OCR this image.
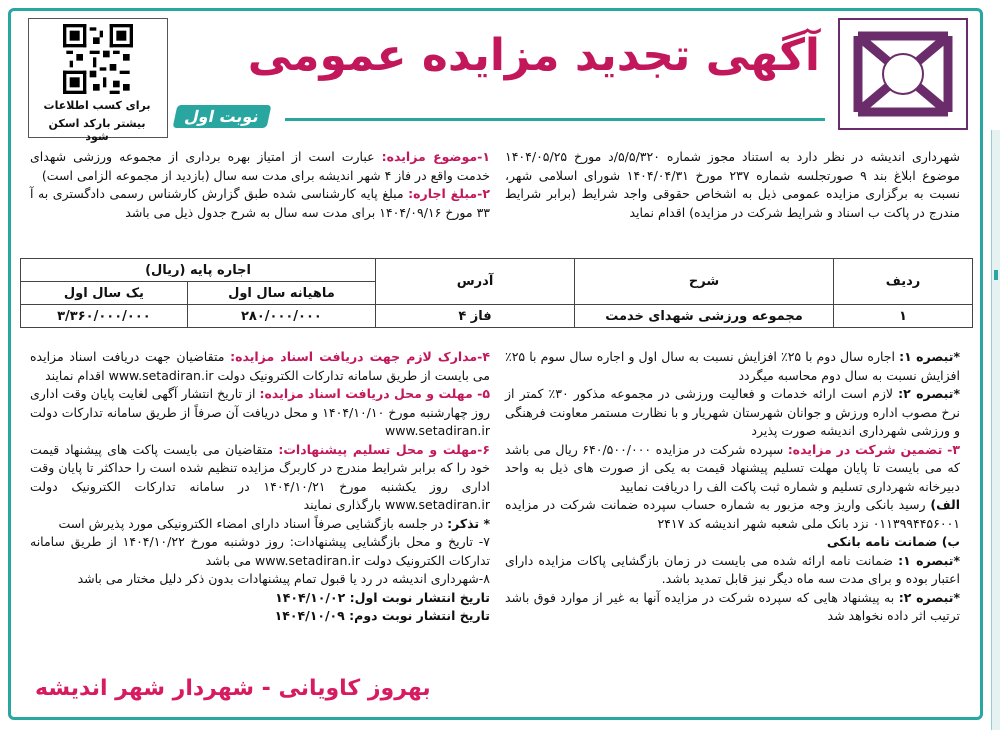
برای کسب اطلاعات
بیشتر بارکد اسکن شود
آگهی تجدید مزایده عمومی
نوبت اول

شهرداری اندیشه در نظر دارد به استناد مجوز شماره ۵/۵/۳۲۰/د مورخ ۱۴۰۴/۰۵/۲۵ موضوع ابلاغ بند ۹ صورتجلسه شماره ۲۳۷ مورخ ۱۴۰۴/۰۴/۳۱ شورای اسلامی شهر، نسبت به برگزاری مزایده عمومی ذیل به اشخاص حقوقی واجد شرایط (برابر شرایط مندرج در پاکت ب اسناد و شرایط شرکت در مزایده) اقدام نماید

۱-موضوع مزایده: عبارت است از امتیاز بهره برداری از مجموعه ورزشی شهدای خدمت واقع در فاز ۴ شهر اندیشه برای مدت سه سال (بازدید از مجموعه الزامی است)

۲-مبلغ اجاره: مبلغ پایه کارشناسی شده طبق گزارش کارشناس رسمی دادگستری به آ ۳۳ مورخ ۱۴۰۴/۰۹/۱۶ برای مدت سه سال به شرح جدول ذیل می باشد

ردیف	شرح	آدرس	اجاره پایه (ریال)	
			ماهیانه سال اول	یک سال اول
۱	مجموعه ورزشی شهدای خدمت	فاز ۴	۲۸۰/۰۰۰/۰۰۰	۳/۳۶۰/۰۰۰/۰۰۰

*تبصره ۱: اجاره سال دوم با ۲۵٪ افزایش نسبت به سال اول و اجاره سال سوم با ۲۵٪ افزایش نسبت به سال دوم محاسبه میگردد

*تبصره ۲: لازم است ارائه خدمات و فعالیت ورزشی در مجموعه مذکور ۳۰٪ کمتر از نرخ مصوب اداره ورزش و جوانان شهرستان شهریار و با نظارت مستمر معاونت فرهنگی و ورزشی شهرداری اندیشه صورت پذیرد

۳- تضمین شرکت در مزایده: سپرده شرکت در مزایده ۶۴۰/۵۰۰/۰۰۰ ریال می باشد که می بایست تا پایان مهلت تسلیم پیشنهاد قیمت به یکی از صورت های ذیل به واحد دبیرخانه شهرداری تسلیم و شماره ثبت پاکت الف را دریافت نمایید

الف) رسید بانکی واریز وجه مزبور به شماره حساب سپرده ضمانت شرکت در مزایده ۰۱۱۳۹۹۴۴۵۶۰۰۱ نزد بانک ملی شعبه شهر اندیشه کد ۲۴۱۷

ب) ضمانت نامه بانکی

*تبصره ۱: ضمانت نامه ارائه شده می بایست در زمان بازگشایی پاکات مزایده دارای اعتبار بوده و برای مدت سه ماه دیگر نیز قابل تمدید باشد.

*تبصره ۲: به پیشنهاد هایی که سپرده شرکت در مزایده آنها به غیر از موارد فوق باشد ترتیب اثر داده نخواهد شد

۴-مدارک لازم جهت دریافت اسناد مزایده: متقاضیان جهت دریافت اسناد مزایده می بایست از طریق سامانه تدارکات الکترونیک دولت www.setadiran.ir اقدام نمایند

۵- مهلت و محل دریافت اسناد مزایده: از تاریخ انتشار آگهی لغایت پایان وقت اداری روز چهارشنبه مورخ ۱۴۰۴/۱۰/۱۰ و محل دریافت آن صرفاً از طریق سامانه تدارکات دولت www.setadiran.ir

۶-مهلت و محل تسلیم پیشنهادات: متقاضیان می بایست پاکت های پیشنهاد قیمت خود را که برابر شرایط مندرج در کاربرگ مزایده تنظیم شده است را حداکثر تا پایان وقت اداری روز یکشنبه مورخ ۱۴۰۴/۱۰/۲۱ در سامانه تدارکات الکترونیک دولت www.setadiran.ir بارگذاری نمایند

* تذکر: در جلسه بازگشایی صرفاً اسناد دارای امضاء الکترونیکی مورد پذیرش است

۷- تاریخ و محل بازگشایی پیشنهادات: روز دوشنبه مورخ ۱۴۰۴/۱۰/۲۲ از طریق سامانه تدارکات الکترونیک دولت www.setadiran.ir می باشد

۸-شهرداری اندیشه در رد یا قبول تمام پیشنهادات بدون ذکر دلیل مختار می باشد

تاریخ انتشار نوبت اول: ۱۴۰۴/۱۰/۰۲

تاریخ انتشار نوبت دوم: ۱۴۰۴/۱۰/۰۹

بهروز کاویانی - شهردار شهر اندیشه
